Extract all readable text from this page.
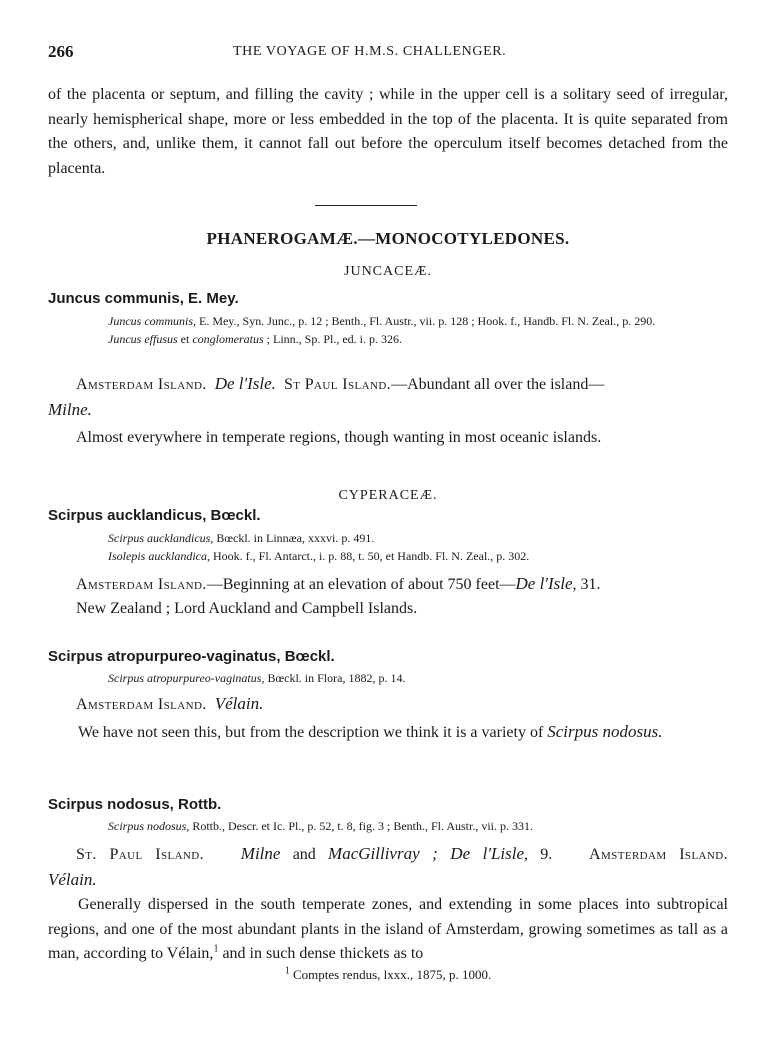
266	THE VOYAGE OF H.M.S. CHALLENGER.
of the placenta or septum, and filling the cavity ; while in the upper cell is a solitary seed of irregular, nearly hemispherical shape, more or less embedded in the top of the placenta. It is quite separated from the others, and, unlike them, it cannot fall out before the operculum itself becomes detached from the placenta.
PHANEROGAMÆ.—MONOCOTYLEDONES.
JUNCACEÆ.
Juncus communis, E. Mey.
Juncus communis, E. Mey., Syn. Junc., p. 12 ; Benth., Fl. Austr., vii. p. 128 ; Hook. f., Handb. Fl. N. Zeal., p. 290.
Juncus effusus et conglomeratus ; Linn., Sp. Pl., ed. i. p. 326.
Amsterdam Island. De l'Isle. St Paul Island.—Abundant all over the island—
Milne.
Almost everywhere in temperate regions, though wanting in most oceanic islands.
CYPERACEÆ.
Scirpus aucklandicus, Bœckl.
Scirpus aucklandicus, Bœckl. in Linnæa, xxxvi. p. 491.
Isolepis aucklandica, Hook. f., Fl. Antarct., i. p. 88, t. 50, et Handb. Fl. N. Zeal., p. 302.
Amsterdam Island.—Beginning at an elevation of about 750 feet—De l'Isle, 31.
New Zealand ; Lord Auckland and Campbell Islands.
Scirpus atropurpureo-vaginatus, Bœckl.
Scirpus atropurpureo-vaginatus, Bœckl. in Flora, 1882, p. 14.
Amsterdam Island. Vélain.
We have not seen this, but from the description we think it is a variety of Scirpus nodosus.
Scirpus nodosus, Rottb.
Scirpus nodosus, Rottb., Descr. et Ic. Pl., p. 52, t. 8, fig. 3 ; Benth., Fl. Austr., vii. p. 331.
St. Paul Island. Milne and MacGillivray ; De l'Lisle, 9. Amsterdam Island.
Vélain.
Generally dispersed in the south temperate zones, and extending in some places into subtropical regions, and one of the most abundant plants in the island of Amsterdam, growing sometimes as tall as a man, according to Vélain,$^1$ and in such dense thickets as to
$^1$ Comptes rendus, lxxx., 1875, p. 1000.
